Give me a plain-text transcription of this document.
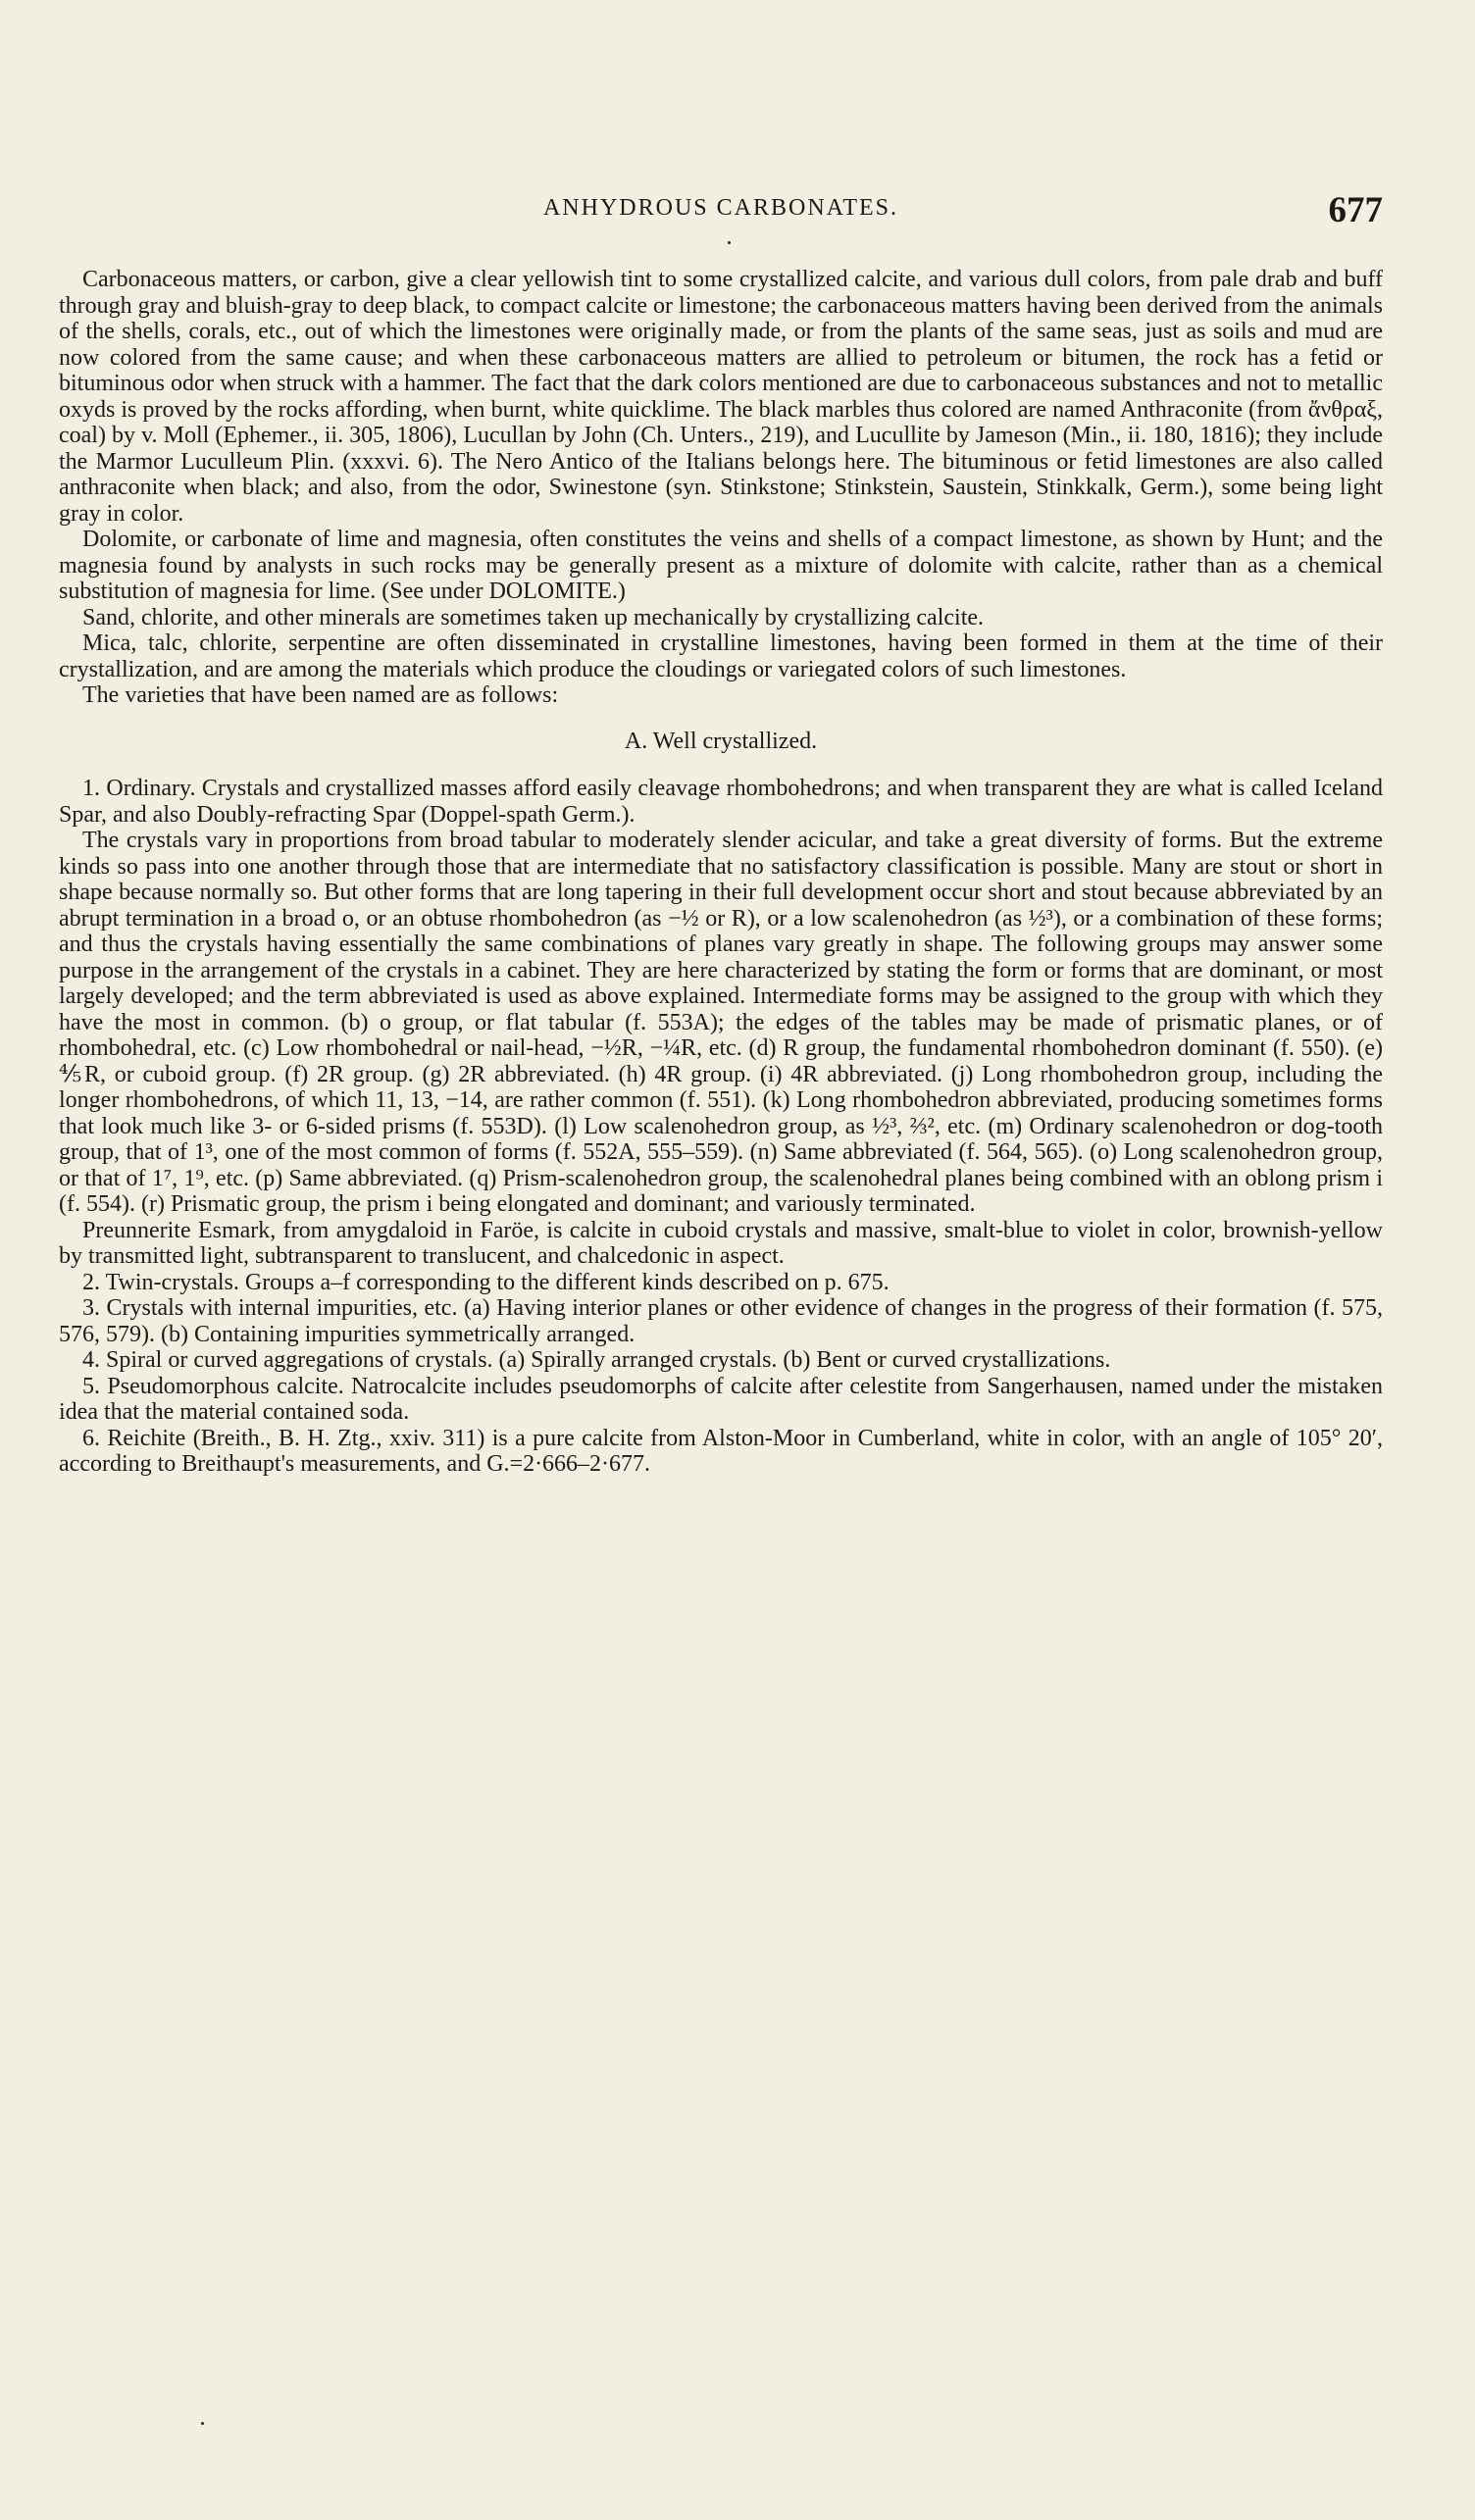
ANHYDROUS CARBONATES.	677

Carbonaceous matters, or carbon, give a clear yellowish tint to some crystallized calcite, and various dull colors, from pale drab and buff through gray and bluish-gray to deep black, to compact calcite or limestone; the carbonaceous matters having been derived from the animals of the shells, corals, etc., out of which the limestones were originally made, or from the plants of the same seas, just as soils and mud are now colored from the same cause; and when these carbonaceous matters are allied to petroleum or bitumen, the rock has a fetid or bituminous odor when struck with a hammer. The fact that the dark colors mentioned are due to carbonaceous substances and not to metallic oxyds is proved by the rocks affording, when burnt, white quicklime. The black marbles thus colored are named Anthraconite (from ἄνθραξ, coal) by v. Moll (Ephemer., ii. 305, 1806), Lucullan by John (Ch. Unters., 219), and Lucullite by Jameson (Min., ii. 180, 1816); they include the Marmor Luculleum Plin. (xxxvi. 6). The Nero Antico of the Italians belongs here. The bituminous or fetid limestones are also called anthraconite when black; and also, from the odor, Swinestone (syn. Stinkstone; Stinkstein, Saustein, Stinkkalk, Germ.), some being light gray in color.

Dolomite, or carbonate of lime and magnesia, often constitutes the veins and shells of a compact limestone, as shown by Hunt; and the magnesia found by analysts in such rocks may be generally present as a mixture of dolomite with calcite, rather than as a chemical substitution of magnesia for lime. (See under DOLOMITE.)

Sand, chlorite, and other minerals are sometimes taken up mechanically by crystallizing calcite.

Mica, talc, chlorite, serpentine are often disseminated in crystalline limestones, having been formed in them at the time of their crystallization, and are among the materials which produce the cloudings or variegated colors of such limestones.

The varieties that have been named are as follows:

A. Well crystallized.

1. Ordinary. Crystals and crystallized masses afford easily cleavage rhombohedrons; and when transparent they are what is called Iceland Spar, and also Doubly-refracting Spar (Doppel-spath Germ.).

The crystals vary in proportions from broad tabular to moderately slender acicular, and take a great diversity of forms. But the extreme kinds so pass into one another through those that are intermediate that no satisfactory classification is possible. Many are stout or short in shape because normally so. But other forms that are long tapering in their full development occur short and stout because abbreviated by an abrupt termination in a broad o, or an obtuse rhombohedron (as −½ or R), or a low scalenohedron (as ½³), or a combination of these forms; and thus the crystals having essentially the same combinations of planes vary greatly in shape. The following groups may answer some purpose in the arrangement of the crystals in a cabinet. They are here characterized by stating the form or forms that are dominant, or most largely developed; and the term abbreviated is used as above explained. Intermediate forms may be assigned to the group with which they have the most in common. (b) o group, or flat tabular (f. 553A); the edges of the tables may be made of prismatic planes, or of rhombohedral, etc. (c) Low rhombohedral or nail-head, −½R, −¼R, etc. (d) R group, the fundamental rhombohedron dominant (f. 550). (e) ⅘R, or cuboid group. (f) 2R group. (g) 2R abbreviated. (h) 4R group. (i) 4R abbreviated. (j) Long rhombohedron group, including the longer rhombohedrons, of which 11, 13, −14, are rather common (f. 551). (k) Long rhombohedron abbreviated, producing sometimes forms that look much like 3- or 6-sided prisms (f. 553D). (l) Low scalenohedron group, as ½³, ⅔², etc. (m) Ordinary scalenohedron or dog-tooth group, that of 1³, one of the most common of forms (f. 552A, 555–559). (n) Same abbreviated (f. 564, 565). (o) Long scalenohedron group, or that of 1⁷, 1⁹, etc. (p) Same abbreviated. (q) Prism-scalenohedron group, the scalenohedral planes being combined with an oblong prism i (f. 554). (r) Prismatic group, the prism i being elongated and dominant; and variously terminated.

Preunnerite Esmark, from amygdaloid in Faröe, is calcite in cuboid crystals and massive, smalt-blue to violet in color, brownish-yellow by transmitted light, subtransparent to translucent, and chalcedonic in aspect.

2. Twin-crystals. Groups a–f corresponding to the different kinds described on p. 675.

3. Crystals with internal impurities, etc. (a) Having interior planes or other evidence of changes in the progress of their formation (f. 575, 576, 579). (b) Containing impurities symmetrically arranged.

4. Spiral or curved aggregations of crystals. (a) Spirally arranged crystals. (b) Bent or curved crystallizations.

5. Pseudomorphous calcite. Natrocalcite includes pseudomorphs of calcite after celestite from Sangerhausen, named under the mistaken idea that the material contained soda.

6. Reichite (Breith., B. H. Ztg., xxiv. 311) is a pure calcite from Alston-Moor in Cumberland, white in color, with an angle of 105° 20′, according to Breithaupt's measurements, and G.=2·666–2·677.
